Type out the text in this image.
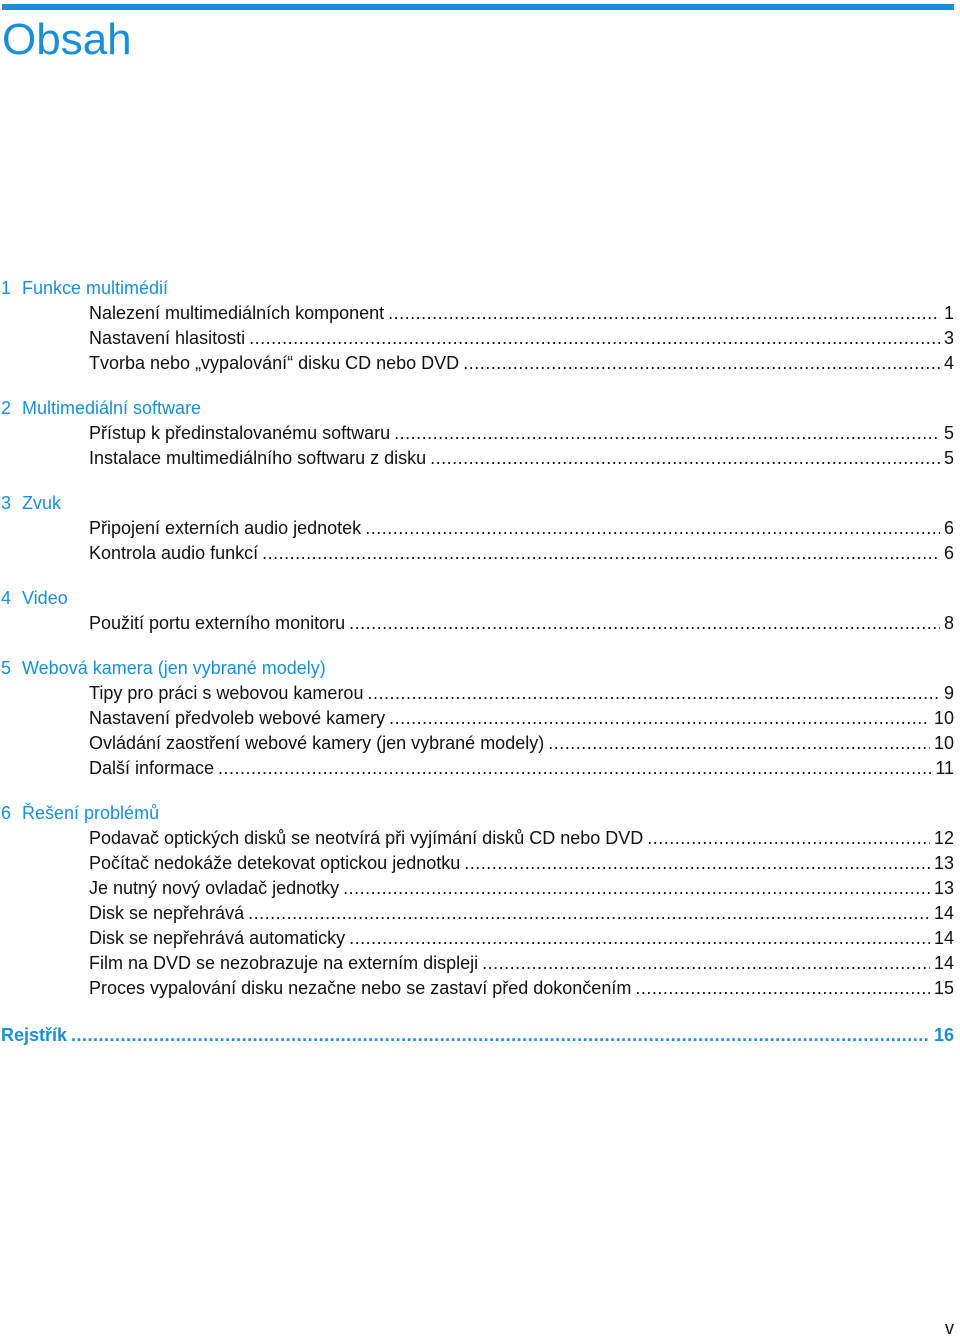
Obsah
1 Funkce multimédií
Nalezení multimediálních komponent .....	1
Nastavení hlasitosti .....	3
Tvorba nebo „vypalování“ disku CD nebo DVD .....	4
2 Multimediální software
Přístup k předinstalovanému softwaru .....	5
Instalace multimediálního softwaru z disku .....	5
3 Zvuk
Připojení externích audio jednotek .....	6
Kontrola audio funkcí .....	6
4 Video
Použití portu externího monitoru .....	8
5 Webová kamera (jen vybrané modely)
Tipy pro práci s webovou kamerou .....	9
Nastavení předvoleb webové kamery .....	10
Ovládání zaostření webové kamery (jen vybrané modely) .....	10
Další informace .....	11
6 Řešení problémů
Podavač optických disků se neotvírá při vyjímání disků CD nebo DVD .....	12
Počítač nedokáže detekovat optickou jednotku .....	13
Je nutný nový ovladač jednotky .....	13
Disk se nepřehrává .....	14
Disk se nepřehrává automaticky .....	14
Film na DVD se nezobrazuje na externím displeji .....	14
Proces vypalování disku nezačne nebo se zastaví před dokončením .....	15
Rejstřík .....	16
v
